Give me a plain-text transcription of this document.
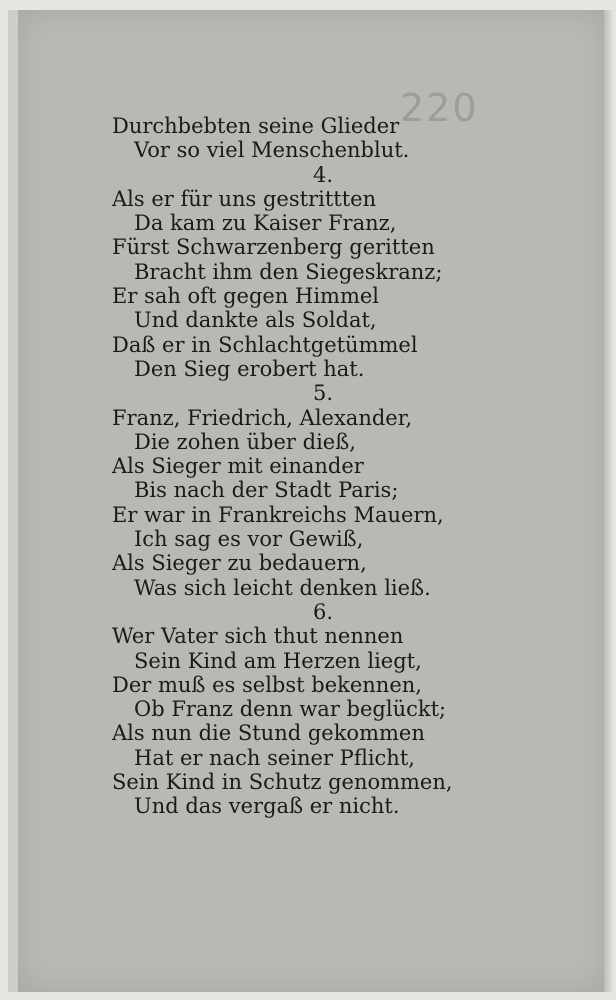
220
Durchbebten seine Glieder
Vor so viel Menschenblut.
4.
Als er für uns gestrittten
Da kam zu Kaiser Franz,
Fürst Schwarzenberg geritten
Bracht ihm den Siegeskranz;
Er sah oft gegen Himmel
Und dankte als Soldat,
Daß er in Schlachtgetümmel
Den Sieg erobert hat.
5.
Franz, Friedrich, Alexander,
Die zohen über dieß,
Als Sieger mit einander
Bis nach der Stadt Paris;
Er war in Frankreichs Mauern,
Ich sag es vor Gewiß,
Als Sieger zu bedauern,
Was sich leicht denken ließ.
6.
Wer Vater sich thut nennen
Sein Kind am Herzen liegt,
Der muß es selbst bekennen,
Ob Franz denn war beglückt;
Als nun die Stund gekommen
Hat er nach seiner Pflicht,
Sein Kind in Schutz genommen,
Und das vergaß er nicht.
